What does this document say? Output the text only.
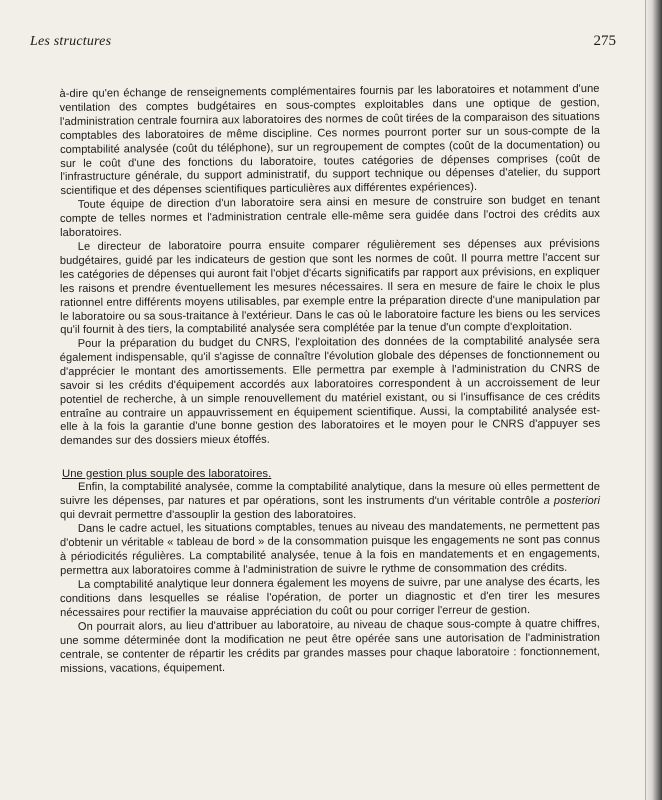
Les structures	275

à-dire qu'en échange de renseignements complémentaires fournis par les laboratoires et notamment d'une ventilation des comptes budgétaires en sous-comptes exploitables dans une optique de gestion, l'administration centrale fournira aux laboratoires des normes de coût tirées de la comparaison des situations comptables des laboratoires de même discipline. Ces normes pourront porter sur un sous-compte de la comptabilité analysée (coût du téléphone), sur un regroupement de comptes (coût de la documentation) ou sur le coût d'une des fonctions du laboratoire, toutes catégories de dépenses comprises (coût de l'infrastructure générale, du support administratif, du support technique ou dépenses d'atelier, du support scientifique et des dépenses scientifiques particulières aux différentes expériences).

Toute équipe de direction d'un laboratoire sera ainsi en mesure de construire son budget en tenant compte de telles normes et l'administration centrale elle-même sera guidée dans l'octroi des crédits aux laboratoires.

Le directeur de laboratoire pourra ensuite comparer régulièrement ses dépenses aux prévisions budgétaires, guidé par les indicateurs de gestion que sont les normes de coût. Il pourra mettre l'accent sur les catégories de dépenses qui auront fait l'objet d'écarts significatifs par rapport aux prévisions, en expliquer les raisons et prendre éventuellement les mesures nécessaires. Il sera en mesure de faire le choix le plus rationnel entre différents moyens utilisables, par exemple entre la préparation directe d'une manipulation par le laboratoire ou sa sous-traitance à l'extérieur. Dans le cas où le laboratoire facture les biens ou les services qu'il fournit à des tiers, la comptabilité analysée sera complétée par la tenue d'un compte d'exploitation.

Pour la préparation du budget du CNRS, l'exploitation des données de la comptabilité analysée sera également indispensable, qu'il s'agisse de connaître l'évolution globale des dépenses de fonctionnement ou d'apprécier le montant des amortissements. Elle permettra par exemple à l'administration du CNRS de savoir si les crédits d'équipement accordés aux laboratoires correspondent à un accroissement de leur potentiel de recherche, à un simple renouvellement du matériel existant, ou si l'insuffisance de ces crédits entraîne au contraire un appauvrissement en équipement scientifique. Aussi, la comptabilité analysée est-elle à la fois la garantie d'une bonne gestion des laboratoires et le moyen pour le CNRS d'appuyer ses demandes sur des dossiers mieux étoffés.

Une gestion plus souple des laboratoires.

Enfin, la comptabilité analysée, comme la comptabilité analytique, dans la mesure où elles permettent de suivre les dépenses, par natures et par opérations, sont les instruments d'un véritable contrôle a posteriori qui devrait permettre d'assouplir la gestion des laboratoires.

Dans le cadre actuel, les situations comptables, tenues au niveau des mandatements, ne permettent pas d'obtenir un véritable « tableau de bord » de la consommation puisque les engagements ne sont pas connus à périodicités régulières. La comptabilité analysée, tenue à la fois en mandatements et en engagements, permettra aux laboratoires comme à l'administration de suivre le rythme de consommation des crédits.

La comptabilité analytique leur donnera également les moyens de suivre, par une analyse des écarts, les conditions dans lesquelles se réalise l'opération, de porter un diagnostic et d'en tirer les mesures nécessaires pour rectifier la mauvaise appréciation du coût ou pour corriger l'erreur de gestion.

On pourrait alors, au lieu d'attribuer au laboratoire, au niveau de chaque sous-compte à quatre chiffres, une somme déterminée dont la modification ne peut être opérée sans une autorisation de l'administration centrale, se contenter de répartir les crédits par grandes masses pour chaque laboratoire : fonctionnement, missions, vacations, équipement.
